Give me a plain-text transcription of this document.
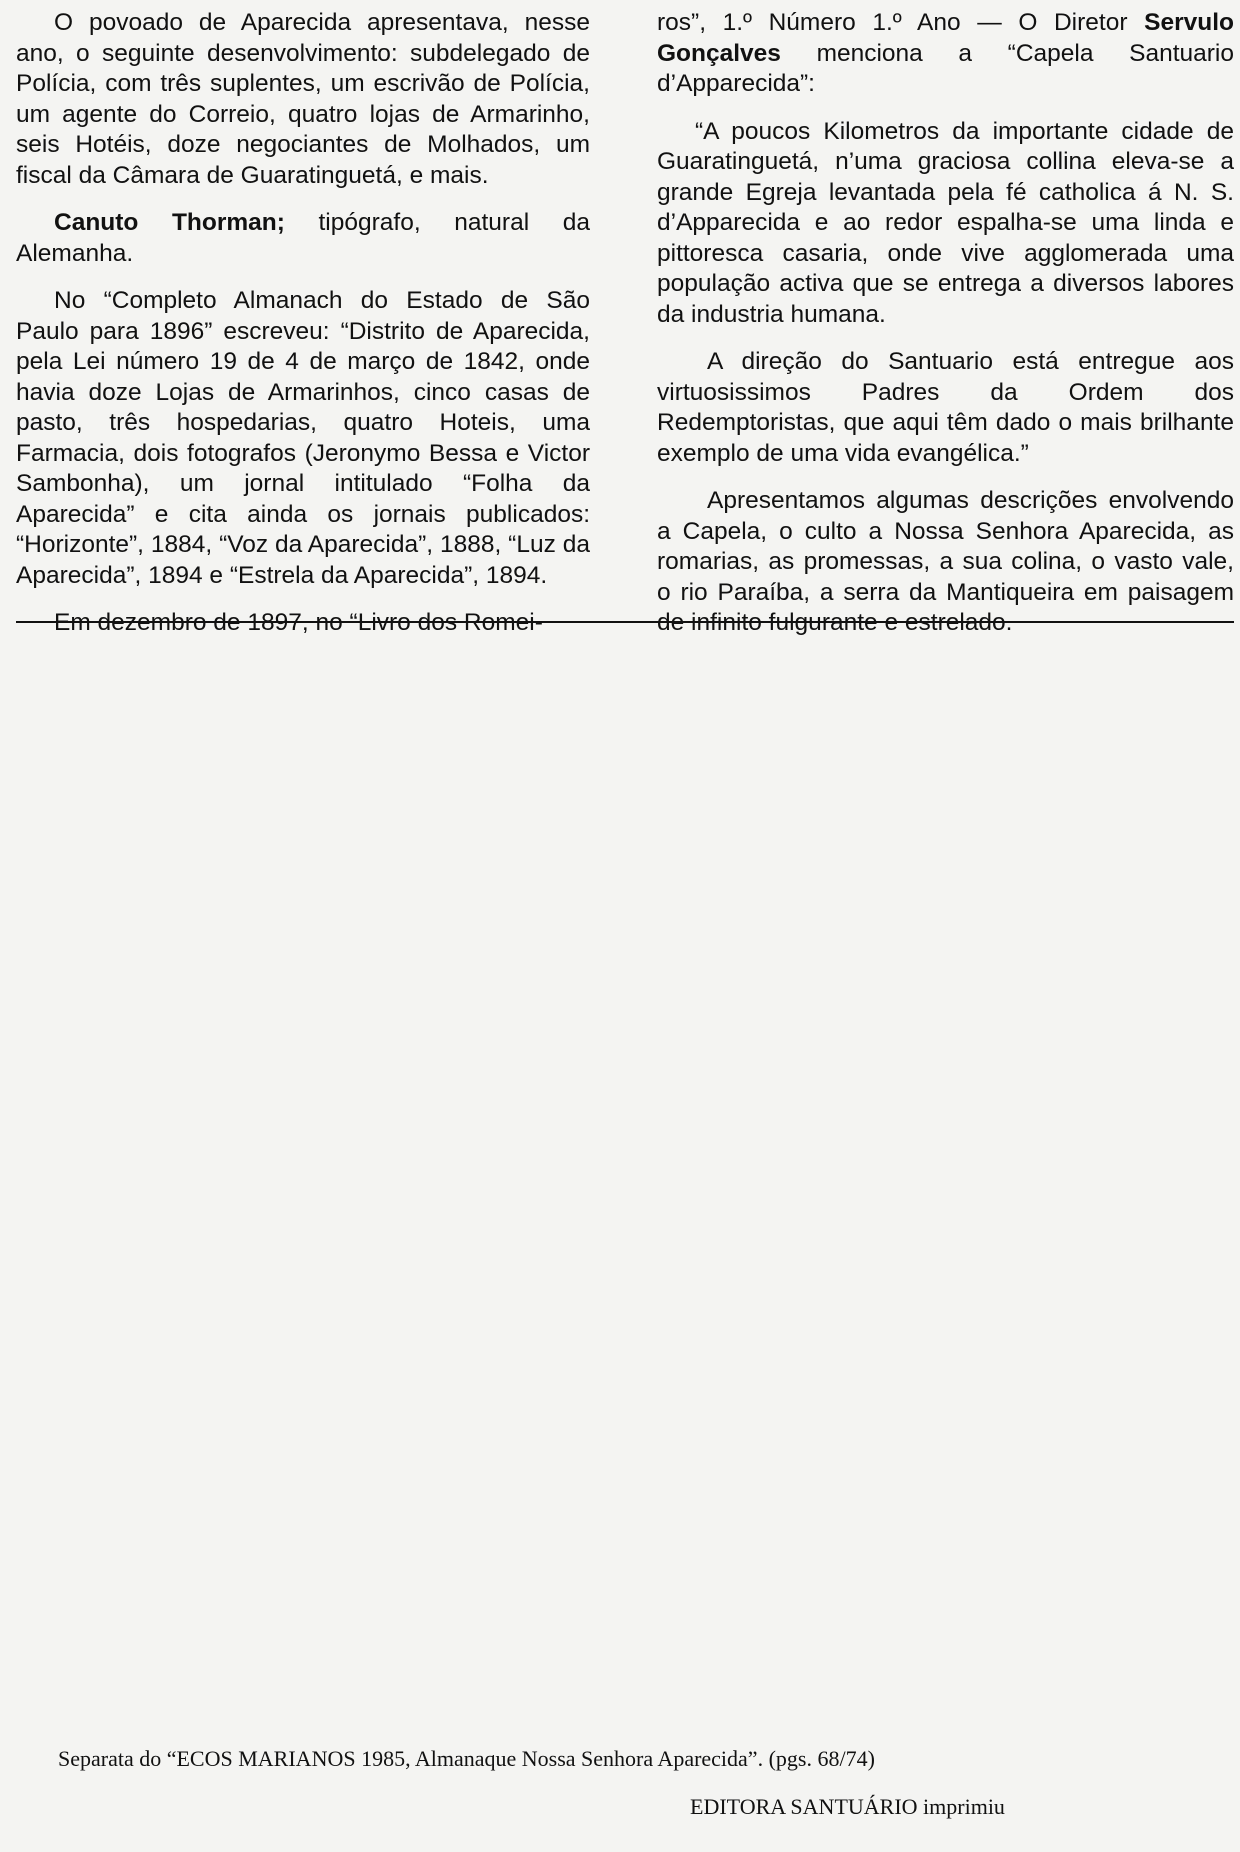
O povoado de Aparecida apresentava, nesse ano, o seguinte desenvolvimento: subdelegado de Polícia, com três suplentes, um escrivão de Polícia, um agente do Correio, quatro lojas de Armarinho, seis Hotéis, doze negociantes de Molhados, um fiscal da Câmara de Guaratinguetá, e mais.

Canuto Thorman; tipógrafo, natural da Alemanha.

No “Completo Almanach do Estado de São Paulo para 1896” escreveu: “Distrito de Aparecida, pela Lei número 19 de 4 de março de 1842, onde havia doze Lojas de Armarinhos, cinco casas de pasto, três hospedarias, quatro Hoteis, uma Farmacia, dois fotografos (Jeronymo Bessa e Victor Sambonha), um jornal intitulado “Folha da Aparecida” e cita ainda os jornais publicados: “Horizonte”, 1884, “Voz da Aparecida”, 1888, “Luz da Aparecida”, 1894 e “Estrela da Aparecida”, 1894.

Em dezembro de 1897, no “Livro dos Romei-

ros”, 1.º Número 1.º Ano — O Diretor Servulo Gonçalves menciona a “Capela Santuario d’Apparecida”:

“A poucos Kilometros da importante cidade de Guaratinguetá, n’uma graciosa collina eleva-se a grande Egreja levantada pela fé catholica á N. S. d’Apparecida e ao redor espalha-se uma linda e pittoresca casaria, onde vive agglomerada uma população activa que se entrega a diversos labores da industria humana.

A direção do Santuario está entregue aos virtuosissimos Padres da Ordem dos Redemptoristas, que aqui têm dado o mais brilhante exemplo de uma vida evangélica.”

Apresentamos algumas descrições envolvendo a Capela, o culto a Nossa Senhora Aparecida, as romarias, as promessas, a sua colina, o vasto vale, o rio Paraíba, a serra da Mantiqueira em paisagem de infinito fulgurante e estrelado.

Separata do “ECOS MARIANOS 1985, Almanaque Nossa Senhora Aparecida”. (pgs. 68/74)
EDITORA SANTUÁRIO imprimiu
